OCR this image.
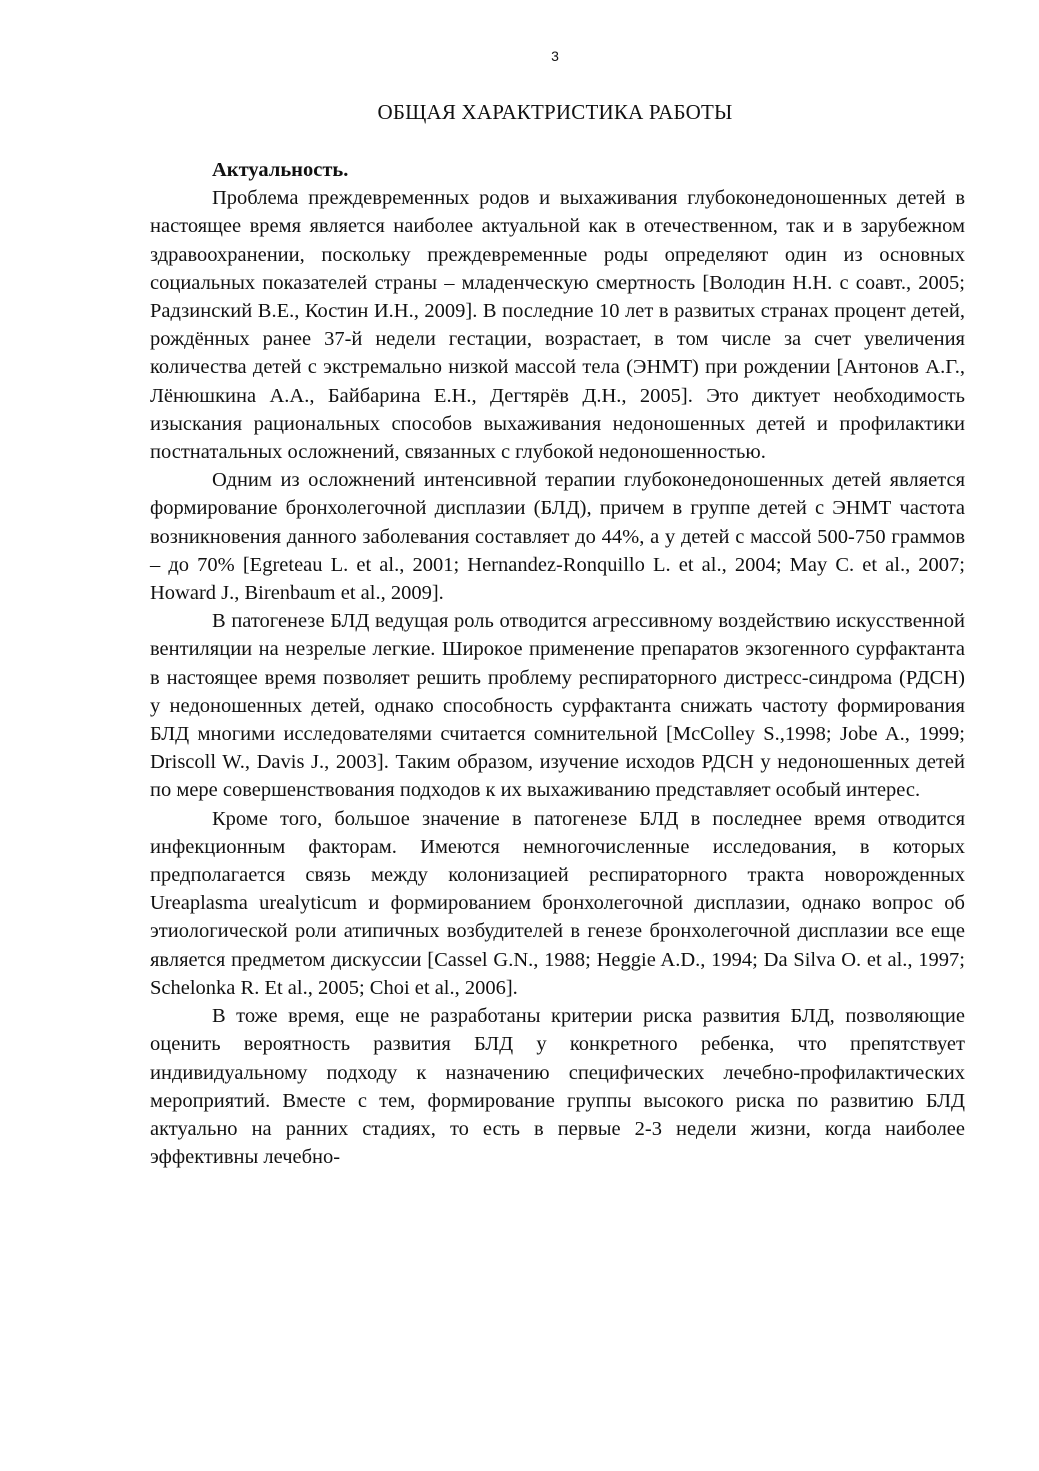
3
ОБЩАЯ ХАРАКТРИСТИКА РАБОТЫ

Актуальность.

Проблема преждевременных родов и выхаживания глубоконедоношенных детей в настоящее время является наиболее актуальной как в отечественном, так и в зарубежном здравоохранении, поскольку преждевременные роды определяют один из основных социальных показателей страны – младенческую смертность [Володин Н.Н. с соавт., 2005; Радзинский В.Е., Костин И.Н., 2009]. В последние 10 лет в развитых странах процент детей, рождённых ранее 37-й недели гестации, возрастает, в том числе за счет увеличения количества детей с экстремально низкой массой тела (ЭНМТ) при рождении [Антонов А.Г., Лёнюшкина А.А., Байбарина Е.Н., Дегтярёв Д.Н., 2005]. Это диктует необходимость изыскания рациональных способов выхаживания недоношенных детей и профилактики постнатальных осложнений, связанных с глубокой недоношенностью.

Одним из осложнений интенсивной терапии глубоконедоношенных детей является формирование бронхолегочной дисплазии (БЛД), причем в группе детей с ЭНМТ частота возникновения данного заболевания составляет до 44%, а у детей с массой 500-750 граммов – до 70% [Egreteau L. et al., 2001; Hernandez-Ronquillo L. et al., 2004; May C. et al., 2007; Howard J., Birenbaum et al., 2009].

В патогенезе БЛД ведущая роль отводится агрессивному воздействию искусственной вентиляции на незрелые легкие. Широкое применение препаратов экзогенного сурфактанта в настоящее время позволяет решить проблему респираторного дистресс-синдрома (РДСН) у недоношенных детей, однако способность сурфактанта снижать частоту формирования БЛД многими исследователями считается сомнительной [McColley S.,1998; Jobe A., 1999; Driscoll W., Davis J., 2003]. Таким образом, изучение исходов РДСН у недоношенных детей по мере совершенствования подходов к их выхаживанию представляет особый интерес.

Кроме того, большое значение в патогенезе БЛД в последнее время отводится инфекционным факторам. Имеются немногочисленные исследования, в которых предполагается связь между колонизацией респираторного тракта новорожденных Ureaplasma urealyticum и формированием бронхолегочной дисплазии, однако вопрос об этиологической роли атипичных возбудителей в генезе бронхолегочной дисплазии все еще является предметом дискуссии [Cassel G.N., 1988; Heggie A.D., 1994; Da Silva O. et al., 1997; Schelonka R. Et al., 2005; Choi et al., 2006].

В тоже время, еще не разработаны критерии риска развития БЛД, позволяющие оценить вероятность развития БЛД у конкретного ребенка, что препятствует индивидуальному подходу к назначению специфических лечебно-профилактических мероприятий. Вместе с тем, формирование группы высокого риска по развитию БЛД актуально на ранних стадиях, то есть в первые 2-3 недели жизни, когда наиболее эффективны лечебно-
